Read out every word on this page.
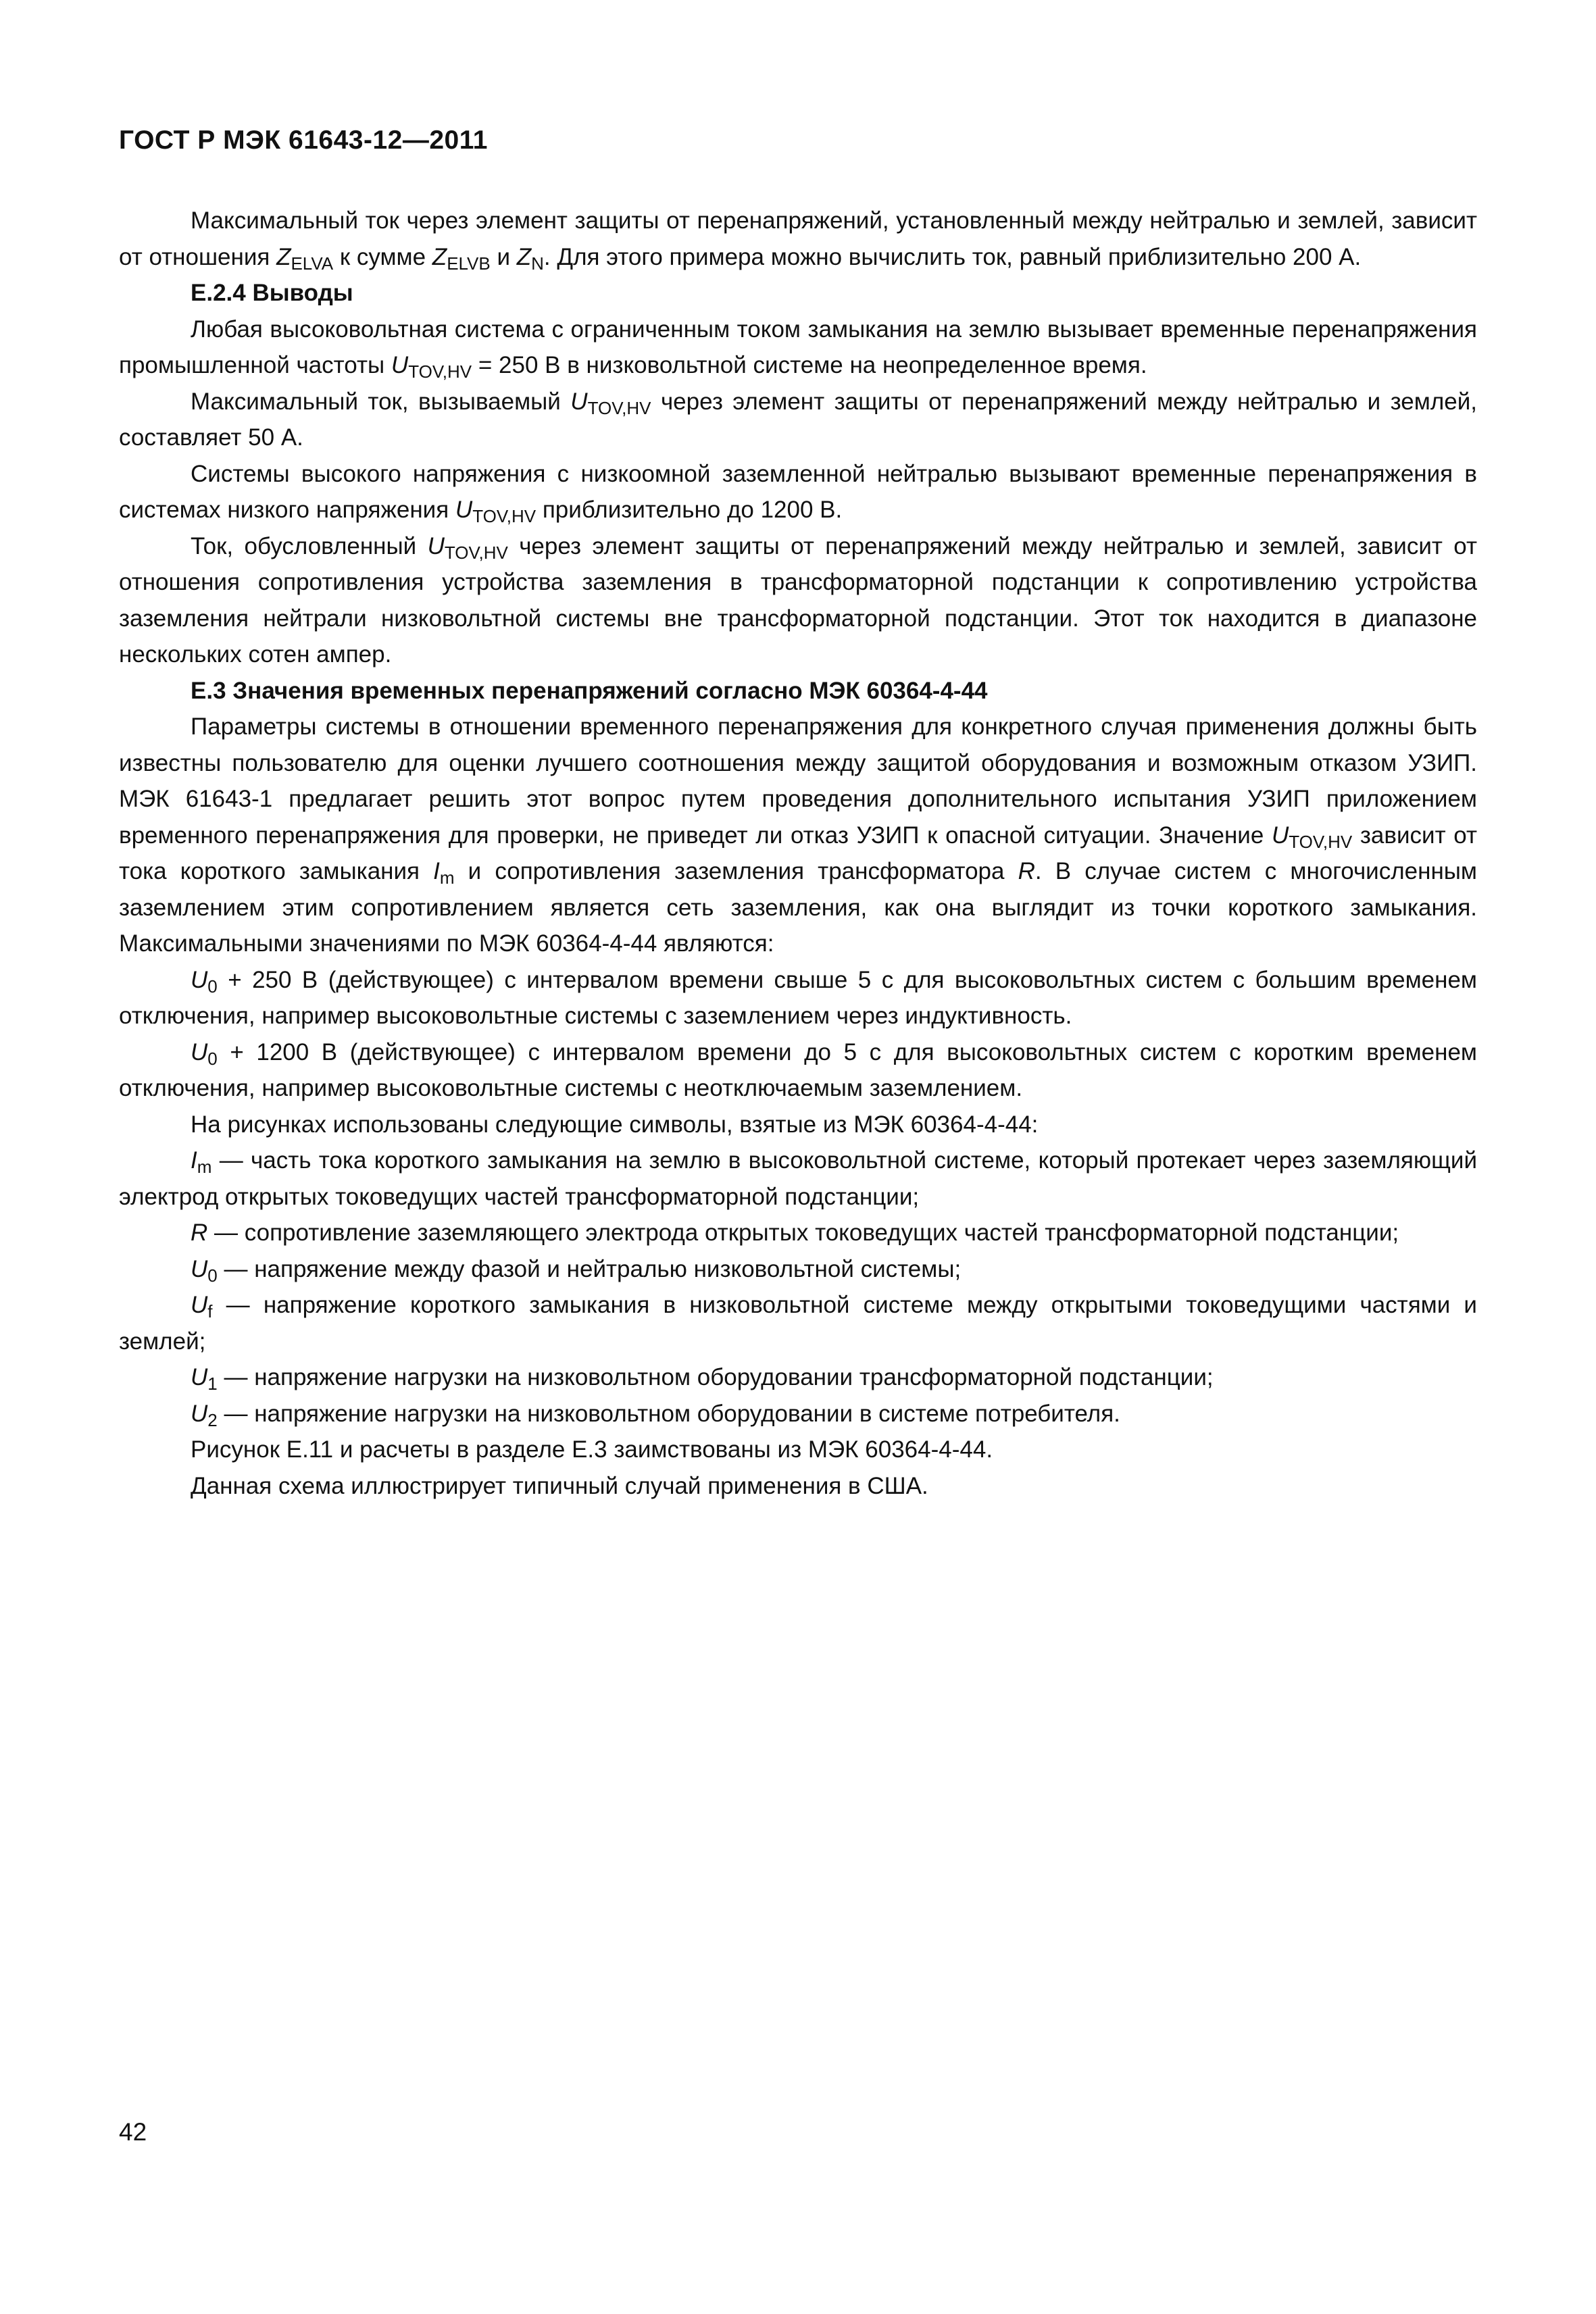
ГОСТ Р МЭК 61643-12—2011

Максимальный ток через элемент защиты от перенапряжений, установленный между нейтралью и землей, зависит от отношения $Z_{ELVA}$ к сумме $Z_{ELVB}$ и $Z_N$. Для этого примера можно вычислить ток, равный приблизительно 200 А.

Е.2.4 Выводы

Любая высоковольтная система с ограниченным током замыкания на землю вызывает временные перенапряжения промышленной частоты $U_{TOV,HV} = 250$ В в низковольтной системе на неопределенное время.

Максимальный ток, вызываемый $U_{TOV,HV}$ через элемент защиты от перенапряжений между нейтралью и землей, составляет 50 А.

Системы высокого напряжения с низкоомной заземленной нейтралью вызывают временные перенапряжения в системах низкого напряжения $U_{TOV,HV}$ приблизительно до 1200 В.

Ток, обусловленный $U_{TOV,HV}$ через элемент защиты от перенапряжений между нейтралью и землей, зависит от отношения сопротивления устройства заземления в трансформаторной подстанции к сопротивлению устройства заземления нейтрали низковольтной системы вне трансформаторной подстанции. Этот ток находится в диапазоне нескольких сотен ампер.

Е.3 Значения временных перенапряжений согласно МЭК 60364-4-44

Параметры системы в отношении временного перенапряжения для конкретного случая применения должны быть известны пользователю для оценки лучшего соотношения между защитой оборудования и возможным отказом УЗИП. МЭК 61643-1 предлагает решить этот вопрос путем проведения дополнительного испытания УЗИП приложением временного перенапряжения для проверки, не приведет ли отказ УЗИП к опасной ситуации. Значение $U_{TOV,HV}$ зависит от тока короткого замыкания $I_m$ и сопротивления заземления трансформатора R. В случае систем с многочисленным заземлением этим сопротивлением является сеть заземления, как она выглядит из точки короткого замыкания. Максимальными значениями по МЭК 60364-4-44 являются:

$U_0 + 250$ В (действующее) с интервалом времени свыше 5 с для высоковольтных систем с большим временем отключения, например высоковольтные системы с заземлением через индуктивность.

$U_0 + 1200$ В (действующее) с интервалом времени до 5 с для высоковольтных систем с коротким временем отключения, например высоковольтные системы с неотключаемым заземлением.

На рисунках использованы следующие символы, взятые из МЭК 60364-4-44:

$I_m$ — часть тока короткого замыкания на землю в высоковольтной системе, который протекает через заземляющий электрод открытых токоведущих частей трансформаторной подстанции;

R — сопротивление заземляющего электрода открытых токоведущих частей трансформаторной подстанции;

$U_0$ — напряжение между фазой и нейтралью низковольтной системы;

$U_f$ — напряжение короткого замыкания в низковольтной системе между открытыми токоведущими частями и землей;

$U_1$ — напряжение нагрузки на низковольтном оборудовании трансформаторной подстанции;

$U_2$ — напряжение нагрузки на низковольтном оборудовании в системе потребителя.

Рисунок Е.11 и расчеты в разделе Е.3 заимствованы из МЭК 60364-4-44.

Данная схема иллюстрирует типичный случай применения в США.

42
